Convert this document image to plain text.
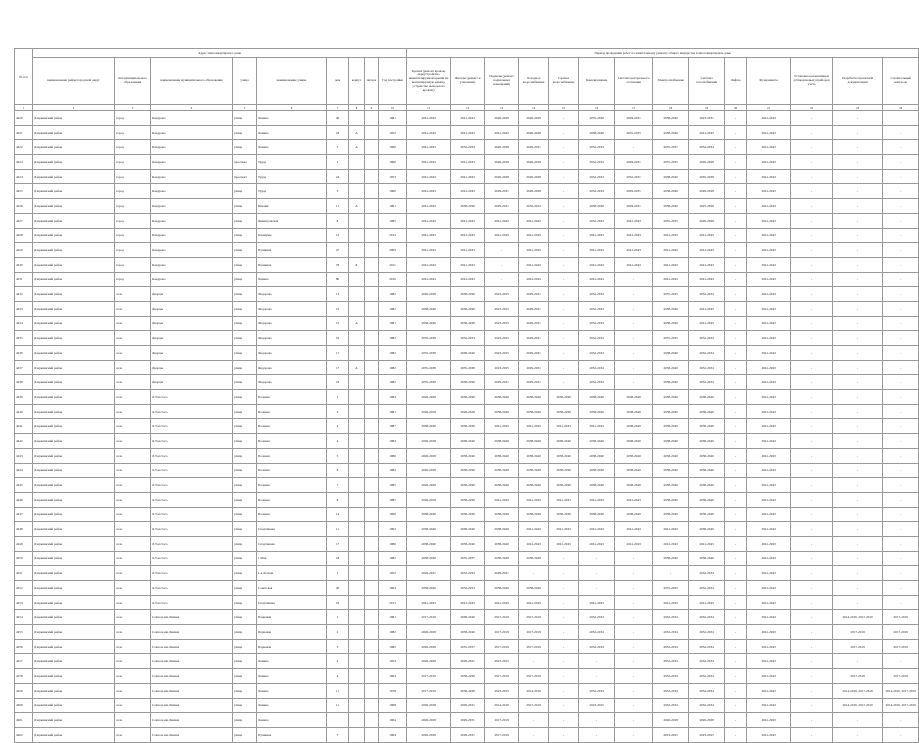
№ п/п	Адрес многоквартирного дома									Период проведения работ по капитальному ремонту общего имущества в многоквартирном доме													
	наименование район/городской округ	тип муниципального образования	наименование муниципального образования	улица	наименование улицы	дом	корпус	литера	Год постройки	Кровля (ремонт кровли, переустройство невентилируемой крыши на вентилируемую крышу, устройство выходов на кровлю)	Фасады (ремонт и утепление)	Подвалы (ремонт подвальных помещений)	Холодное водоснабжение	Горячее водоснабжение	Канализование	Система центрального отопления	Электроснабжение	Система газоснабжения	Лифты	Фундаменты	Установка коллективных (общедомовых) приборов учета	Разработка проектной документации	Строительный контроль
1	2	3	4	5	6	7	8	9	10	11	12	13	14	15	16	17	18	19	20	21	22	23	24
4220	Дзержинский район	город	Кондрово	улица	Ленина	46			1981	2041-2043	2041-2043	2026-2028	2026-2028	-	2035-2040	2029-2031	2038-2040	2023-2031	-	2041-2043	-	-	
4221	Дзержинский район	город	Кондрово	улица	Ленина	23	А		1952	2041-2043	2041-2043	2041-2043	2026-2028	-	2038-2040	2035-2035	2038-2040	2041-2043	-	2041-2043	-	-	-
4222	Дзержинский район	город	Кондрово	улица	Ленина	5	А		1960	2041-2043	2032-2034	2026-2028	2029-2031	-	2032-2034	-	2035-2037	2032-2034	-	2041-2043	-	-	-
4224	Дзержинский район	город	Кондрово	проспект	Труда	1			1960	2041-2043	2041-2043	2026-2028	2026-2028	-	2032-2034	2029-2031	2035-2035	2026-2028	-	2041-2043	-	-	-
4224	Дзержинский район	город	Кондрово	проспект	Труда	24			1953	2041-2043	2041-2043	2026-2028	2026-2028	-	2032-2034	2032-2031	2038-2040	2035-2038	-	2041-2043	-	-	-
4225	Дзержинский район	город	Кондрово	улица	Труда	3			1960	2041-2043	2041-2043	2029-2031	2026-2028	-	2032-2034	2029-2031	2038-2040	2026-2028	-	2041-2043	-	-	-
4226	Дзержинский район	город	Кондрово	улица	Южная	11	А		1961	2041-2043	2038-2040	2029-2031	2032-2034	-	2038-2040	2029-2031	2038-2040	2025-2028	-	2041-2043	-	-	-
4227	Дзержинский район	город	Кондрово	улица	Димитровская	8			1985	2041-2043	2041-2043	2041-2043	2041-2043	-	2032-2034	2041-2043	2035-2035	2026-2028	-	2041-2043	-	-	-
4228	Дзержинский район	город	Кондрово	улица	Коммуны	12			2014	2041-2043	2041-2043	2041-2043	2041-2043	-	2041-2043	2041-2043	2041-2043	2041-2043	-	2041-2043	-	-	-
4229	Дзержинский район	город	Кондрово	улица	Пушкина	47			2009	2041-2043	2041-2043	-	2041-2043	-	2041-2043	2041-2043	2041-2043	2041-2043	-	2041-2043	-	-	-
4230	Дзержинский район	город	Кондрово	улица	Пушкина	76	Б		2011	2041-2043	2041-2043	-	2041-2043	-	2041-2043	2041-2043	2041-2043	2041-2043	-	2041-2043	-	-	-
4231	Дзержинский район	город	Кондрово	улица	Ленина	80			2010	2041-2043	2041-2043	-	2041-2043	-	2041-2043	-	2041-2043	2041-2043	-	2041-2043	-	-	-
4232	Дзержинский район	село	Дворцы	улица	Федорова	13			1982	2026-2028	2038-2040	2023-2025	2029-2031	-	2032-2034	-	2035-2035	2032-2034	-	2041-2043	-	-	-
4233	Дзержинский район	село	Дворцы	улица	Федорова	15			1982	2038-2040	2038-2040	2023-2025	2029-2031	-	2032-2034	-	2038-2040	2041-2043	-	2041-2043	-	-	-
4234	Дзержинский район	село	Дворцы	улица	Федорова	15	А		1981	2038-2040	2038-2040	2023-2025	2029-2031	-	2032-2034	-	2038-2040	2041-2043	-	2041-2043	-	-	-
4235	Дзержинский район	село	Дворцы	улица	Федорова	16			1982	2035-2038	2032-2034	2023-2025	2029-2031	-	2032-2034	-	2035-2035	2032-2034	-	2041-2043	-	-	-
4236	Дзержинский район	село	Дворцы	улица	Федорова	17			1982	2035-2038	2038-2040	2023-2025	2029-2031	-	2032-2034	-	2038-2040	2032-2034	-	2041-2043	-	-	-
4237	Дзержинский район	село	Дворцы	улица	Федорова	17	А		1982	2035-2038	2035-2038	2023-2025	2029-2031	-	2032-2034	-	2038-2040	2032-2034	-	2041-2043	-	-	-
4238	Дзержинский район	село	Дворцы	улица	Федорова	19			1982	2035-2038	2038-2040	2029-2031	2029-2031	-	2032-2034	-	2038-2040	2032-2034	-	2041-2043	-	-	-
4239	Дзержинский район	село	Л.Толстого	улица	Полевая	1			1984	2026-2028	2038-2040	2038-2040	2038-2040	2038-2040	2038-2040	2038-2040	2038-2040	2038-2040	-	2041-2043	-	-	-
4240	Дзержинский район	село	Л.Толстого	улица	Полевая	3			1981	2026-2028	2026-2028	2038-2040	2038-2040	2038-2040	2038-2040	2038-2040	2038-2040	2038-2040	-	2041-2043	-	-	-
4241	Дзержинский район	село	Л.Толстого	улица	Полевая	4			1987	2038-2040	2038-2040	2041-2043	2041-2043	2041-2043	2041-2043	2038-2040	2038-2040	2038-2040	-	2041-2043	-	-	-
4242	Дзержинский район	село	Л.Толстого	улица	Полевая	4			1984	2026-2028	2038-2040	2038-2040	2038-2040	2038-2040	2038-2040	2038-2040	2038-2040	2038-2040	-	2041-2043	-	-	-
4243	Дзержинский район	село	Л.Толстого	улица	Полевая	5			1986	2026-2028	2038-2040	2038-2040	2038-2040	2038-2040	2038-2040	2038-2040	2038-2040	2038-2040	-	2041-2043	-	-	-
4244	Дзержинский район	село	Л.Толстого	улица	Полевая	6			1984	2026-2028	2038-2040	2038-2040	2038-2040	2038-2040	2038-2040	2038-2040	2038-2040	2038-2040	-	2041-2043	-	-	-
4245	Дзержинский район	село	Л.Толстого	улица	Полевая	7			1985	2026-2028	2038-2040	2038-2040	2038-2040	2038-2040	2038-2040	2038-2040	2038-2040	2038-2040	-	2041-2043	-	-	-
4246	Дзержинский район	село	Л.Толстого	улица	Полевая	8			1985	2026-2028	2038-2040	2041-2043	2041-2043	2041-2043	2041-2043	2041-2043	2038-2040	2038-2040	-	2041-2043	-	-	-
4247	Дзержинский район	село	Л.Толстого	улица	Полевая	14			1990	2038-2040	2038-2040	2038-2040	2038-2040	2038-2040	2038-2040	2038-2040	2038-2040	2038-2040	-	2041-2043	-	-	-
4248	Дзержинский район	село	Л.Толстого	улица	Спортивная	11			1992	2038-2040	2038-2040	2038-2040	2041-2043	2041-2043	2041-2043	2041-2043	2041-2043	2038-2040	-	2041-2043	-	-	-
4249	Дзержинский район	село	Л.Толстого	улица	Спортивная	17			1986	2038-2040	2038-2040	2038-2040	2041-2043	2041-2043	2041-2043	2041-2043	2041-2043	2041-2043	-	2041-2043	-	-	-
4250	Дзержинский район	село	Л.Толстого	улица	1 Мая	18			1982	2038-2040	2035-2037	2038-2040	2038-2040	-	-	-	2038-2040	2038-2040	-	2041-2043	-	-	-
4251	Дзержинский район	село	Л.Толстого	улица	1-я Лесная	1			1952	2029-2031	2032-2034	2029-2031	-	-	-	-	-	2032-2034	-	2041-2043	-	-	-
4252	Дзержинский район	село	Л.Толстого	улица	Советская	20			1964	2038-2040	2032-2034	2038-2040	2038-2040	-	-	-	2035-2035	2032-2034	-	2041-2043	-	-	-
4253	Дзержинский район	село	Л.Толстого	улица	Спортивная	16			2013	2041-2043	2041-2043	2041-2043	2041-2043	-	2041-2043	-	2041-2043	2041-2043	-	2041-2043	-	-	-
4254	Дзержинский район	село	Совхоза им.Ленина	улица	Парковая	1			1981	2017-2019	2038-2040	2017-2019	2017-2019	-	2032-2034	-	2032-2034	2032-2034	-	2041-2043	-	2014-2016, 2017-2019	2017-2019
4255	Дзержинский район	село	Совхоза им.Ленина	улица	Парковая	2			1982	2026-2028	2038-2040	2017-2019	2017-2019	-	2032-2034	-	2032-2034	2032-2034	-	2041-2043	-	2017-2019	2017-2019
4256	Дзержинский район	село	Совхоза им.Ленина	улица	Парковая	3			1982	2026-2028	2035-2037	2017-2019	2017-2019	-	2032-2034	-	2032-2034	2032-2034	-	2041-2043	-	2017-2019	2017-2019
4257	Дзержинский район	село	Совхоза им.Ленина	улица	Ленина	2			1954	2026-2028	2029-2031	2023-2025	-	-	-	-	2032-2034	2032-2034	-	2041-2043	-	-	-
4258	Дзержинский район	село	Совхоза им.Ленина	улица	Ленина	4			1964	2017-2019	2038-2040	2017-2019	2017-2019	-	-	-	2032-2034	2032-2034	-	2041-2043	-	2017-2019	2017-2019
4259	Дзержинский район	село	Совхоза им.Ленина	улица	Ленина	11			1978	2017-2019	2038-2040	2023-2025	2014-2016	-	2032-2034	-	2032-2034	2032-2034	-	2041-2043	-	2014-2016, 2017-2019	2014-2016, 2017-2019
4260	Дзержинский район	село	Совхоза им.Ленина	улица	Ленина	11			1968	2026-2028	2029-2031	2014-2016	2017-2019	-	2023-2025	-	2032-2034	2032-2034	-	2041-2043	-	2014-2016, 2017-2019	2014-2016, 2017-2019
4261	Дзержинский район	село	Совхоза им.Ленина	улица	Ленина				1964	2026-2028	2029-2031	2017-2019	-	-	-	-	2026-2028	2026-2028	-	2041-2043	-	-	-
4262	Дзержинский район	село	Совхоза им.Ленина	улица	Пушкина	7			1964	2026-2028	2029-2031	2017-2019	-	-	-	-	2023-2025	2023-2025	-	2041-2043	-	-	-
